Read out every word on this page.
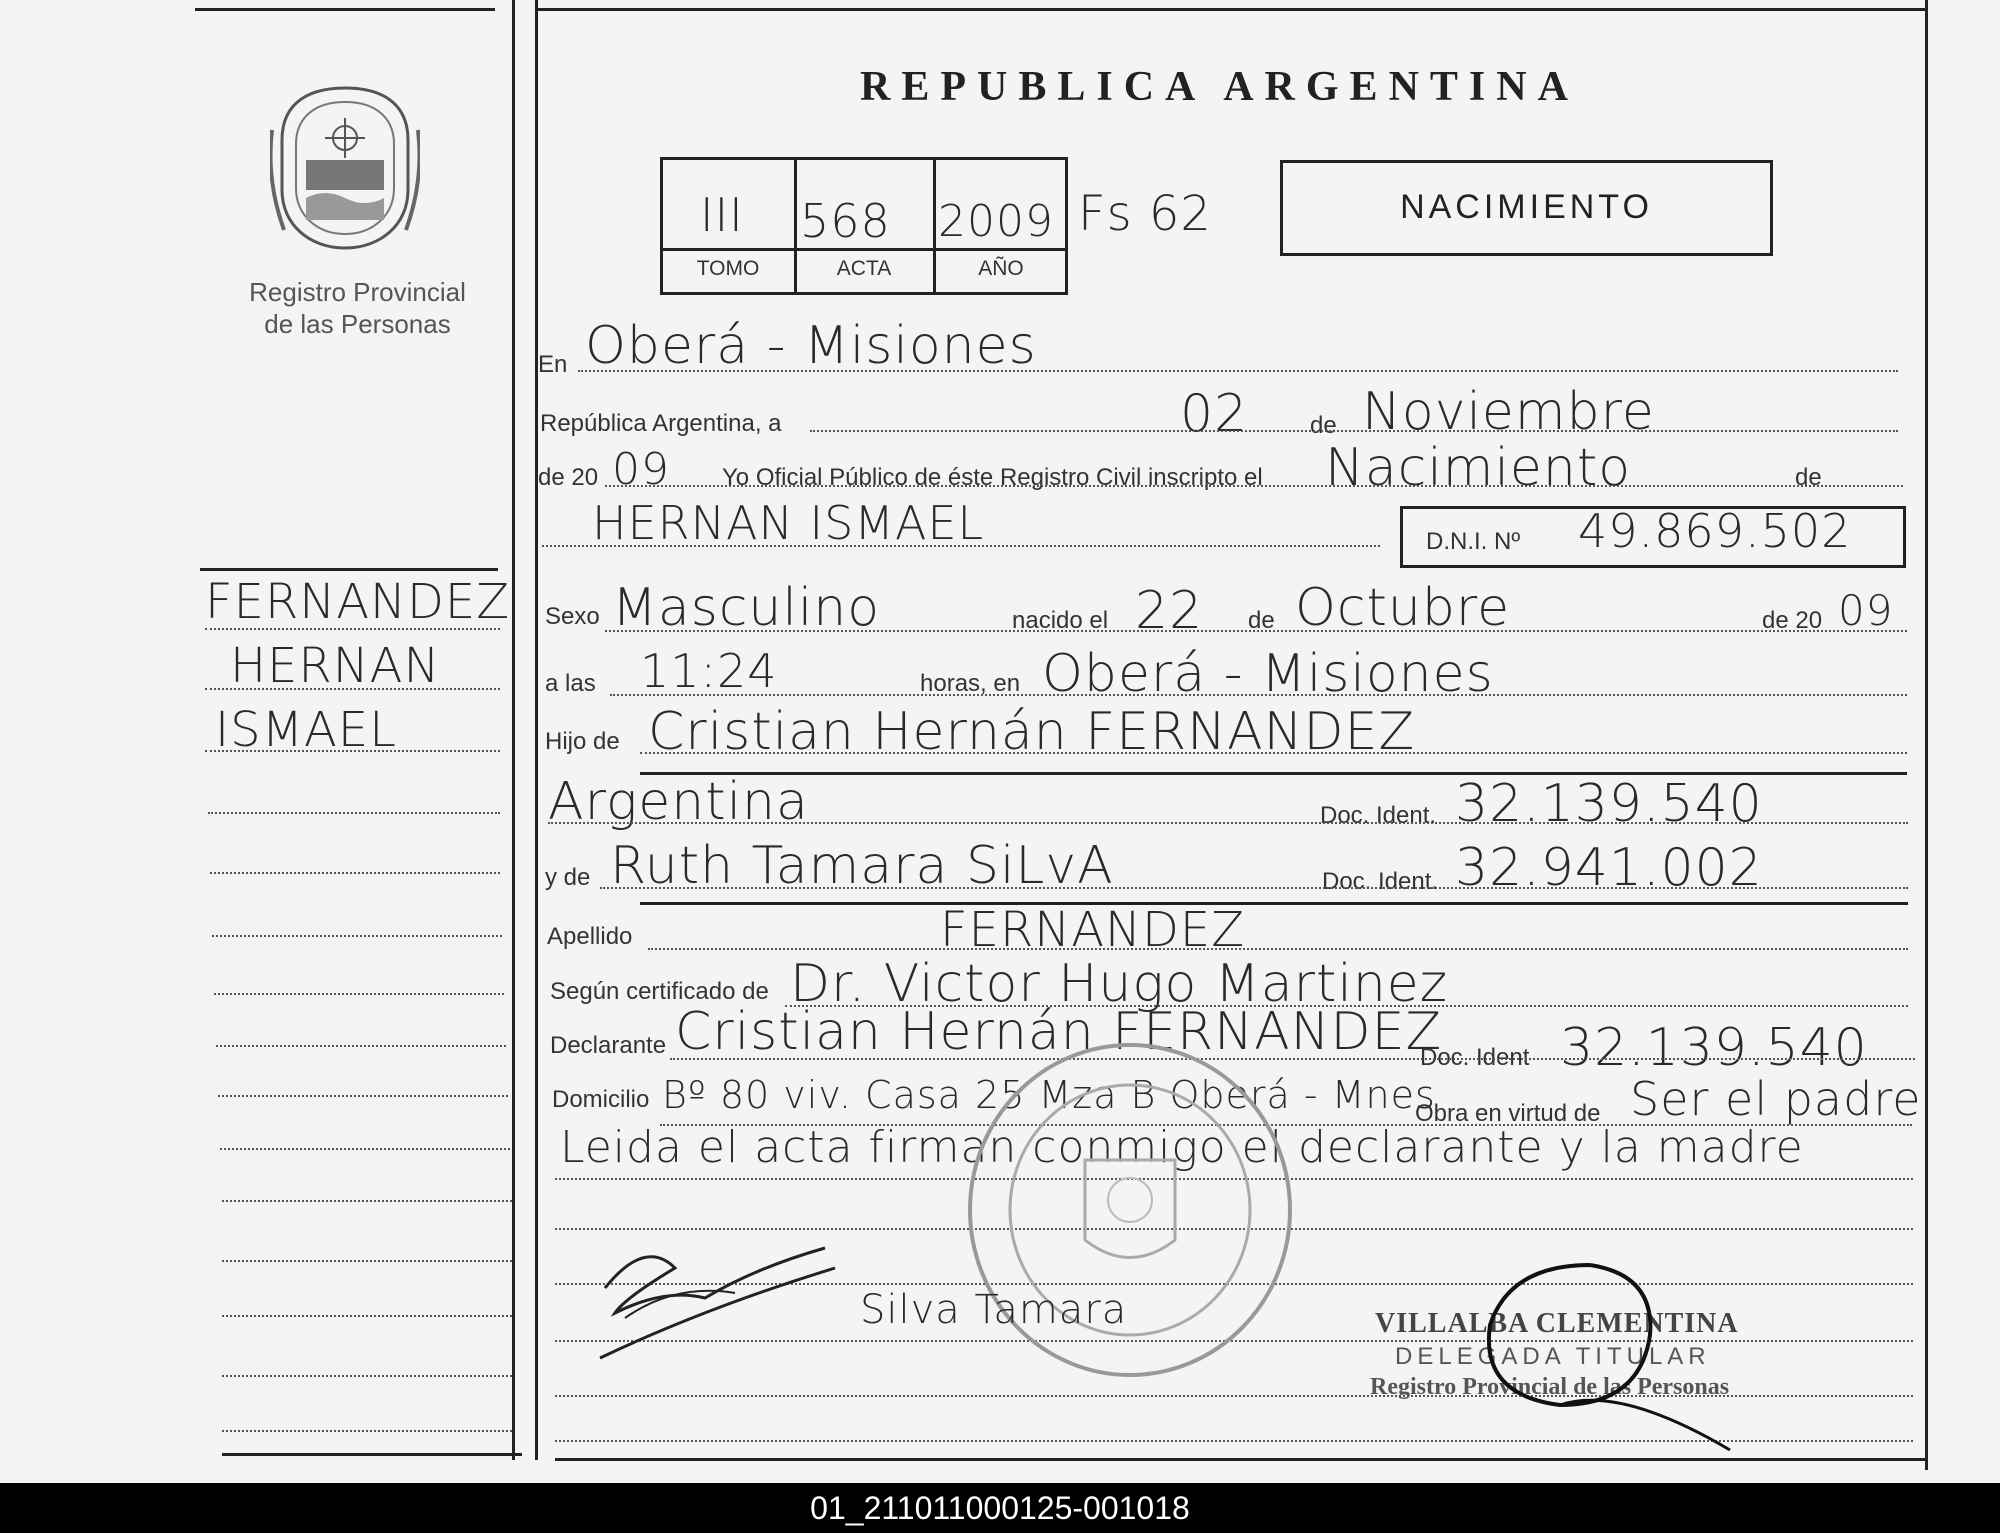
Registro Provincial
de las Personas
FERNANDEZ
HERNAN
ISMAEL
REPUBLICA ARGENTINA
III 568 2009
TOMO	ACTA	AÑO
Fs 62	NACIMIENTO
En Oberá - Misiones
República Argentina, a	02	de Noviembre
de 20 09 Yo Oficial Público de éste Registro Civil inscripto el Nacimiento	de
HERNAN ISMAEL	D.N.I. Nº 49.869.502
Sexo Masculino	nacido el 22 de Octubre	de 20 09
a las 11:24	horas, en Oberá - Misiones
Hijo de Cristian Hernán FERNANDEZ
Argentina	Doc. Ident. 32.139.540
y de Ruth Tamara SiLvA	Doc. Ident. 32.941.002
Apellido	FERNANDEZ
Según certificado de Dr. Victor Hugo Martinez
Declarante Cristian Hernán FERNANDEZ
Doc. Ident 32.139.540
Domicilio Bº 80 viv. Casa 25 Mza B Oberá - Mnes
Obra en virtud de Ser el padre
Leida el acta firman conmigo el declarante y la madre
Silva Tamara	VILLALBA CLEMENTINA
DELEGADA TITULAR
Registro Provincial de las Personas
01_211011000125-001018
